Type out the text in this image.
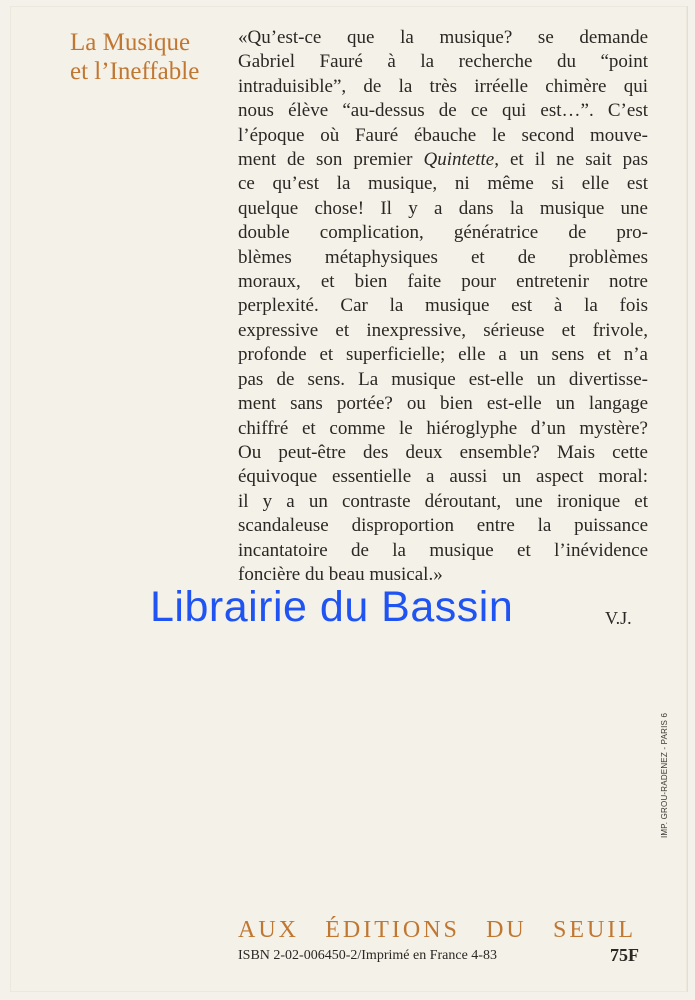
La Musique
et l’Ineffable
«Qu’est-ce que la musique? se demande
Gabriel Fauré à la recherche du “point
intraduisible”, de la très irréelle chimère qui
nous élève “au-dessus de ce qui est…”. C’est
l’époque où Fauré ébauche le second mouve-
ment de son premier Quintette, et il ne sait pas
ce qu’est la musique, ni même si elle est
quelque chose! Il y a dans la musique une
double complication, génératrice de pro-
blèmes métaphysiques et de problèmes
moraux, et bien faite pour entretenir notre
perplexité. Car la musique est à la fois
expressive et inexpressive, sérieuse et frivole,
profonde et superficielle; elle a un sens et n’a
pas de sens. La musique est-elle un divertisse-
ment sans portée? ou bien est-elle un langage
chiffré et comme le hiéroglyphe d’un mystère?
Ou peut-être des deux ensemble? Mais cette
équivoque essentielle a aussi un aspect moral:
il y a un contraste déroutant, une ironique et
scandaleuse disproportion entre la puissance
incantatoire de la musique et l’inévidence
foncière du beau musical.»
V.J.
Librairie du Bassin
IMP. GROU-RADENEZ - PARIS 6
AUX ÉDITIONS DU SEUIL
ISBN 2-02-006450-2/Imprimé en France 4-83	75F
